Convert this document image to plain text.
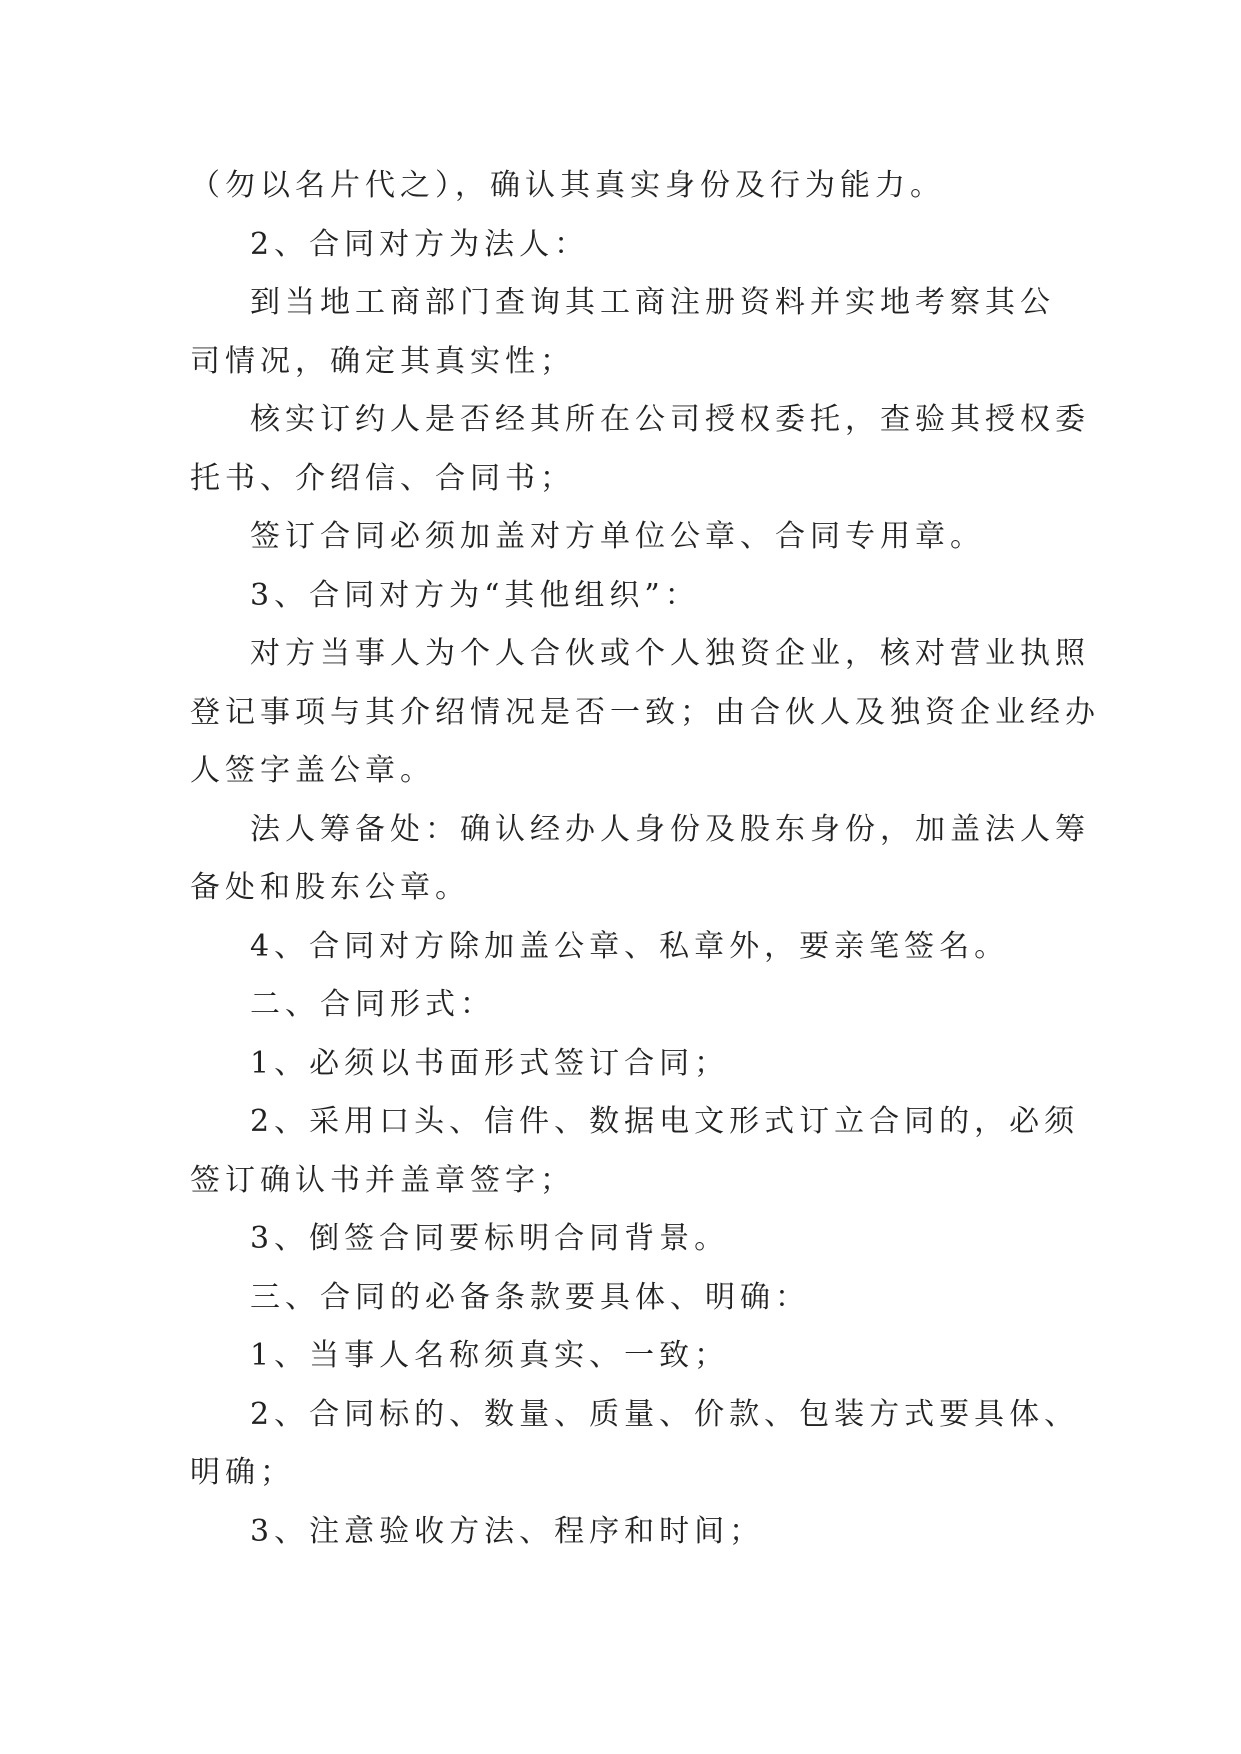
（勿以名片代之），确认其真实身份及行为能力。
2、合同对方为法人：
到当地工商部门查询其工商注册资料并实地考察其公
司情况，确定其真实性；
核实订约人是否经其所在公司授权委托，查验其授权委
托书、介绍信、合同书；
签订合同必须加盖对方单位公章、合同专用章。
3、合同对方为“其他组织”：
对方当事人为个人合伙或个人独资企业，核对营业执照
登记事项与其介绍情况是否一致；由合伙人及独资企业经办
人签字盖公章。
法人筹备处：确认经办人身份及股东身份，加盖法人筹
备处和股东公章。
4、合同对方除加盖公章、私章外，要亲笔签名。
二、合同形式：
1、必须以书面形式签订合同；
2、采用口头、信件、数据电文形式订立合同的，必须
签订确认书并盖章签字；
3、倒签合同要标明合同背景。
三、合同的必备条款要具体、明确：
1、当事人名称须真实、一致；
2、合同标的、数量、质量、价款、包装方式要具体、
明确；
3、注意验收方法、程序和时间；
